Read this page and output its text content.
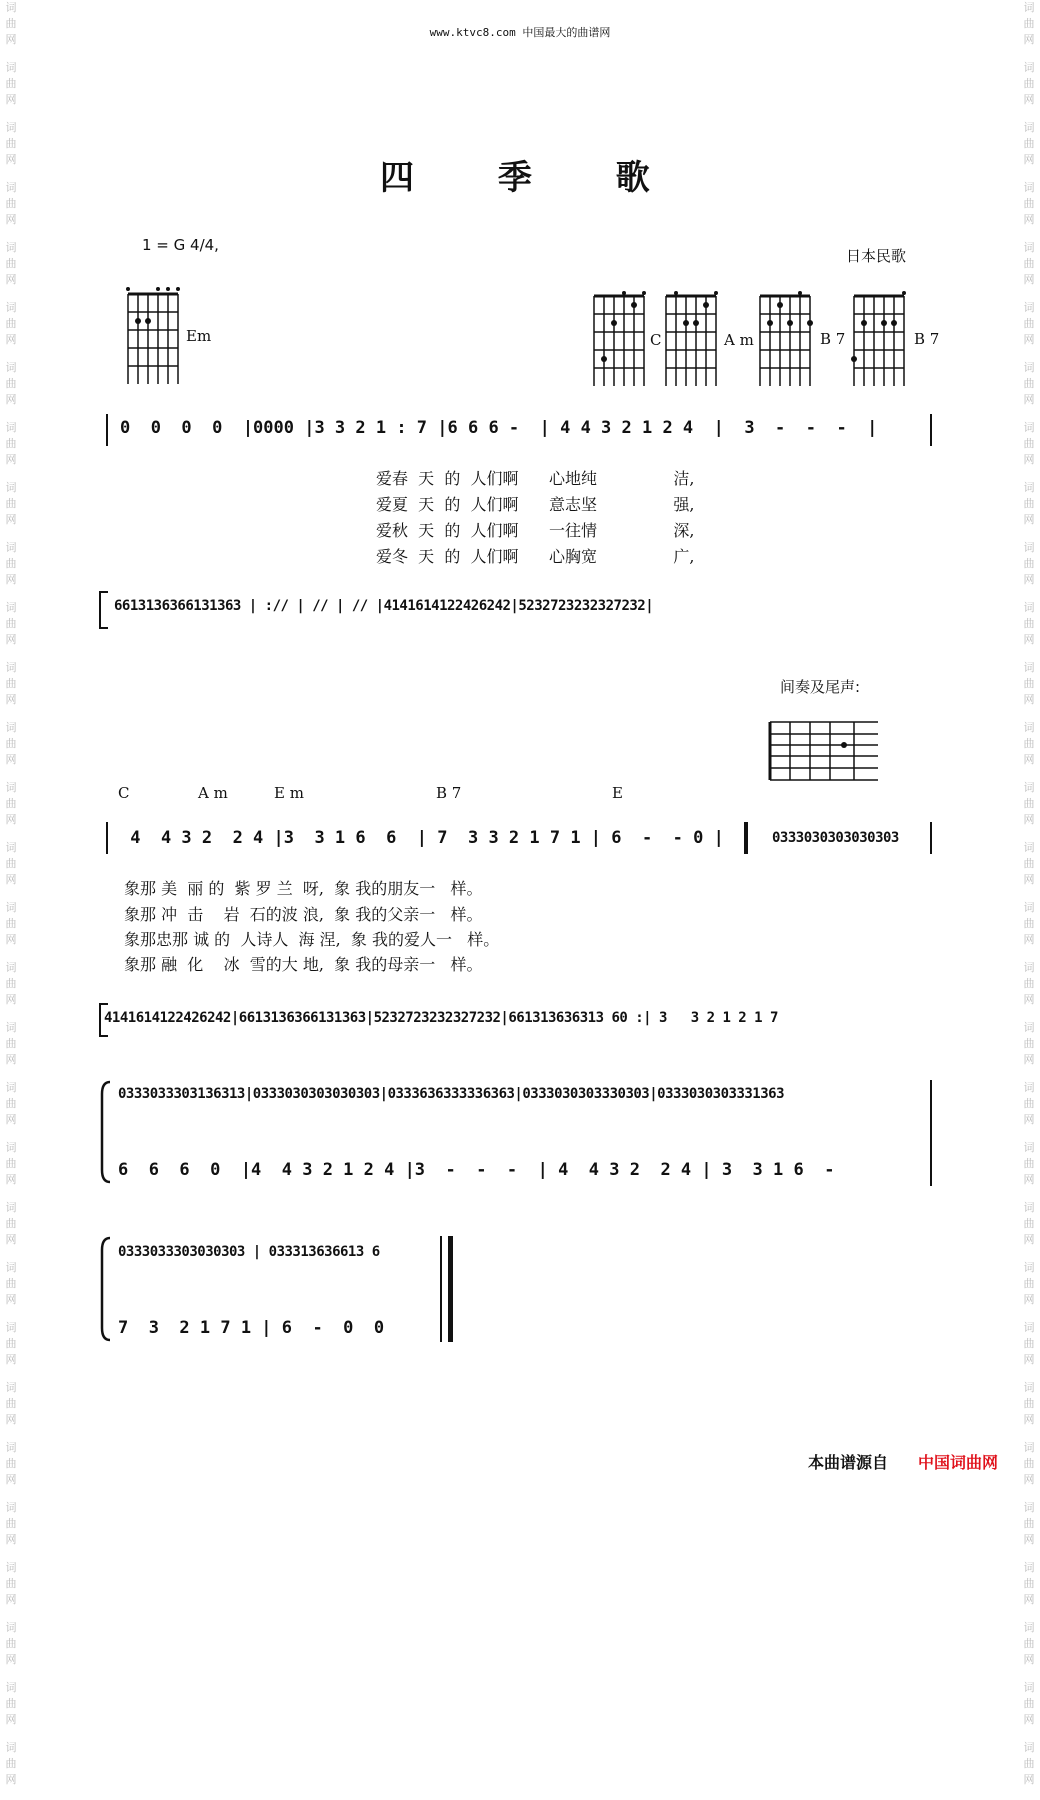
词
曲
网
词
曲
网
词
曲
网
词
曲
网
词
曲
网
词
曲
网
词
曲
网
词
曲
网
词
曲
网
词
曲
网
词
曲
网
词
曲
网
词
曲
网
词
曲
网
词
曲
网
词
曲
网
词
曲
网
词
曲
网
词
曲
网
词
曲
网
词
曲
网
词
曲
网
词
曲
网
词
曲
网
词
曲
网
词
曲
网
词
曲
网
词
曲
网
词
曲
网
词
曲
网
词
曲
网
词
曲
网
词
曲
网
词
曲
网
词
曲
网
词
曲
网
词
曲
网
词
曲
网
词
曲
网
词
曲
网
词
曲
网
词
曲
网
词
曲
网
词
曲
网
词
曲
网
词
曲
网
词
曲
网
词
曲
网
词
曲
网
词
曲
网
词
曲
网
词
曲
网
词
曲
网
词
曲
网
词
曲
网
词
曲
网
词
曲
网
词
曲
网
词
曲
网
词
曲
网
www.ktvc8.com 中国最大的曲谱网
四 季 歌
1 = G 4/4,
日本民歌
Em	C	A m	B 7	B 7
0  0  0  0  |0000 |3 3 2 1 : 7 |6 6 6 -  | 4 4 3 2 1 2 4  |  3  -  -  -  |
爱春  天  的  人们啊      心地纯               洁,
爱夏  天  的  人们啊      意志坚               强,
爱秋  天  的  人们啊      一往情               深,
爱冬  天  的  人们啊      心胸宽               广,
6613136366131363 | :// | // | // |4141614122426242|5232723232327232|
间奏及尾声:
C	A m	E m	B 7	E
4  4 3 2  2 4 |3  3 1 6  6  | 7  3 3 2 1 7 1 | 6  -  - 0 |	0333030303030303
象那 美  丽 的  紫 罗 兰  呀,  象 我的朋友一   样。
象那 冲  击    岩  石的波 浪,  象 我的父亲一   样。
象那忠那 诚 的  人诗人  海 涅,  象 我的爱人一   样。
象那 融  化    冰  雪的大 地,  象 我的母亲一   样。
4141614122426242|6613136366131363|5232723232327232|661313636313 60 :| 3   3 2 1 2 1 7
0333033303136313|0333030303030303|0333636333336363|0333030303330303|0333030303331363
6  6  6  0  |4  4 3 2 1 2 4 |3  -  -  -  | 4  4 3 2  2 4 | 3  3 1 6  -
0333033303030303 | 033313636613 6
7  3  2 1 7 1 | 6  -  0  0
本曲谱源自 中国词曲网
